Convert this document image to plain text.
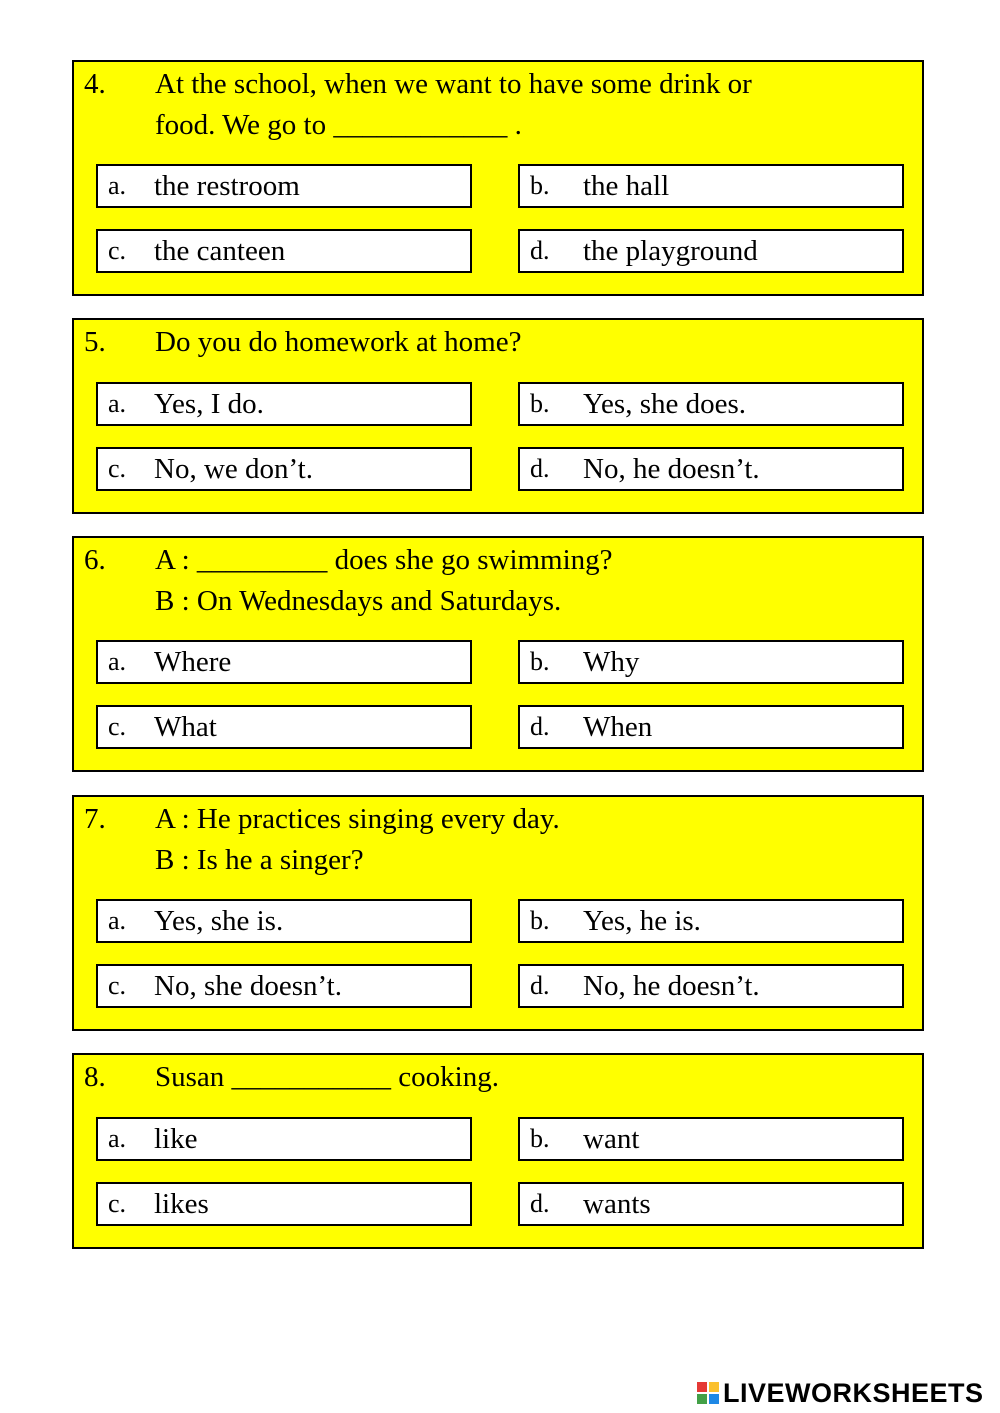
4. At the school, when we want to have some drink or
food. We go to ____________ .
a. the restroom	b. the hall
c. the canteen	d. the playground
5. Do you do homework at home?
a. Yes, I do.	b. Yes, she does.
c. No, we don’t.	d. No, he doesn’t.
6. A : _________ does she go swimming?
B : On Wednesdays and Saturdays.
a. Where	b. Why
c. What	d. When
7. A : He practices singing every day.
B : Is he a singer?
a. Yes, she is.	b. Yes, he is.
c. No, she doesn’t.	d. No, he doesn’t.
8. Susan ___________ cooking.
a. like	b. want
c. likes	d. wants
LIVEWORKSHEETS
